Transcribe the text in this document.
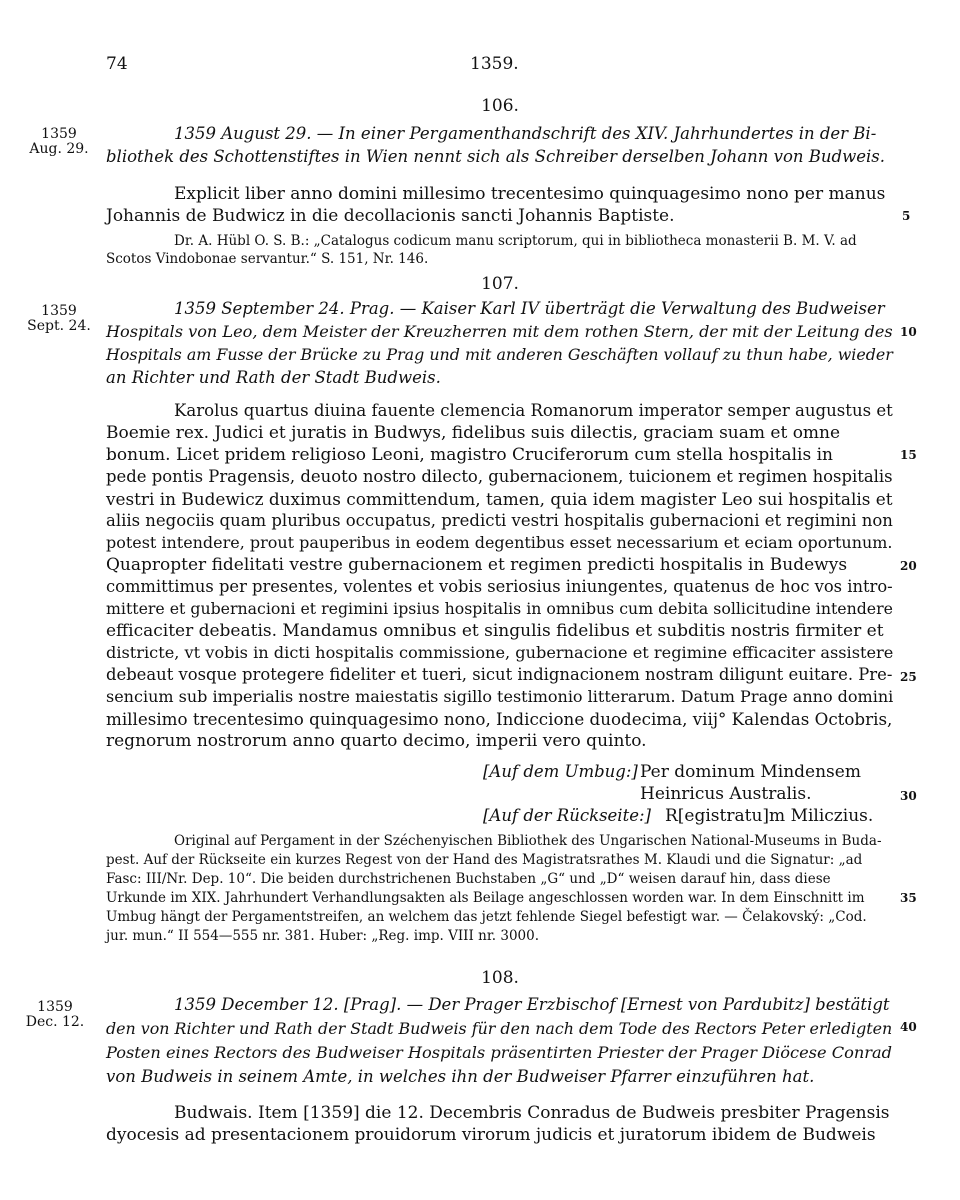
74	1359.
106.
1359
Aug. 29.
1359 August 29. — In einer Pergamenthandschrift des XIV. Jahrhundertes in der Bi-
bliothek des Schottenstiftes in Wien nennt sich als Schreiber derselben Johann von Budweis.
Explicit liber anno domini millesimo trecentesimo quinquagesimo nono per manus
Johannis de Budwicz in die decollacionis sancti Johannis Baptiste.
Dr. A. Hübl O. S. B.: „Catalogus codicum manu scriptorum, qui in bibliotheca monasterii B. M. V. ad
Scotos Vindobonae servantur.“ S. 151, Nr. 146.
107.
1359
Sept. 24.
1359 September 24. Prag. — Kaiser Karl IV überträgt die Verwaltung des Budweiser
Hospitals von Leo, dem Meister der Kreuzherren mit dem rothen Stern, der mit der Leitung des
Hospitals am Fusse der Brücke zu Prag und mit anderen Geschäften vollauf zu thun habe, wieder
an Richter und Rath der Stadt Budweis.
Karolus quartus diuina fauente clemencia Romanorum imperator semper augustus et
Boemie rex. Judici et juratis in Budwys, fidelibus suis dilectis, graciam suam et omne
bonum. Licet pridem religioso Leoni, magistro Cruciferorum cum stella hospitalis in
pede pontis Pragensis, deuoto nostro dilecto, gubernacionem, tuicionem et regimen hospitalis
vestri in Budewicz duximus committendum, tamen, quia idem magister Leo sui hospitalis et
aliis negociis quam pluribus occupatus, predicti vestri hospitalis gubernacioni et regimini non
potest intendere, prout pauperibus in eodem degentibus esset necessarium et eciam oportunum.
Quapropter fidelitati vestre gubernacionem et regimen predicti hospitalis in Budewys
committimus per presentes, volentes et vobis seriosius iniungentes, quatenus de hoc vos intro-
mittere et gubernacioni et regimini ipsius hospitalis in omnibus cum debita sollicitudine intendere
efficaciter debeatis. Mandamus omnibus et singulis fidelibus et subditis nostris firmiter et
districte, vt vobis in dicti hospitalis commissione, gubernacione et regimine efficaciter assistere
debeaut vosque protegere fideliter et tueri, sicut indignacionem nostram diligunt euitare. Pre-
sencium sub imperialis nostre maiestatis sigillo testimonio litterarum. Datum Prage anno domini
millesimo trecentesimo quinquagesimo nono, Indiccione duodecima, viij° Kalendas Octobris,
regnorum nostrorum anno quarto decimo, imperii vero quinto.
[Auf dem Umbug:] Per dominum Mindensem
Heinricus Australis.
[Auf der Rückseite:] R[egistratu]m Miliczius.
Original auf Pergament in der Széchenyischen Bibliothek des Ungarischen National-Museums in Buda-
pest. Auf der Rückseite ein kurzes Regest von der Hand des Magistratsrathes M. Klaudi und die Signatur: „ad
Fasc: III/Nr. Dep. 10“. Die beiden durchstrichenen Buchstaben „G“ und „D“ weisen darauf hin, dass diese
Urkunde im XIX. Jahrhundert Verhandlungsakten als Beilage angeschlossen worden war. In dem Einschnitt im
Umbug hängt der Pergamentstreifen, an welchem das jetzt fehlende Siegel befestigt war. — Čelakovský: „Cod.
jur. mun.“ II 554—555 nr. 381. Huber: „Reg. imp. VIII nr. 3000.
108.
1359
Dec. 12.
1359 December 12. [Prag]. — Der Prager Erzbischof [Ernest von Pardubitz] bestätigt
den von Richter und Rath der Stadt Budweis für den nach dem Tode des Rectors Peter erledigten
Posten eines Rectors des Budweiser Hospitals präsentirten Priester der Prager Diöcese Conrad
von Budweis in seinem Amte, in welches ihn der Budweiser Pfarrer einzuführen hat.
Budwais. Item [1359] die 12. Decembris Conradus de Budweis presbiter Pragensis
dyocesis ad presentacionem prouidorum virorum judicis et juratorum ibidem de Budweis
5
10
15
20
25
30
35
40
